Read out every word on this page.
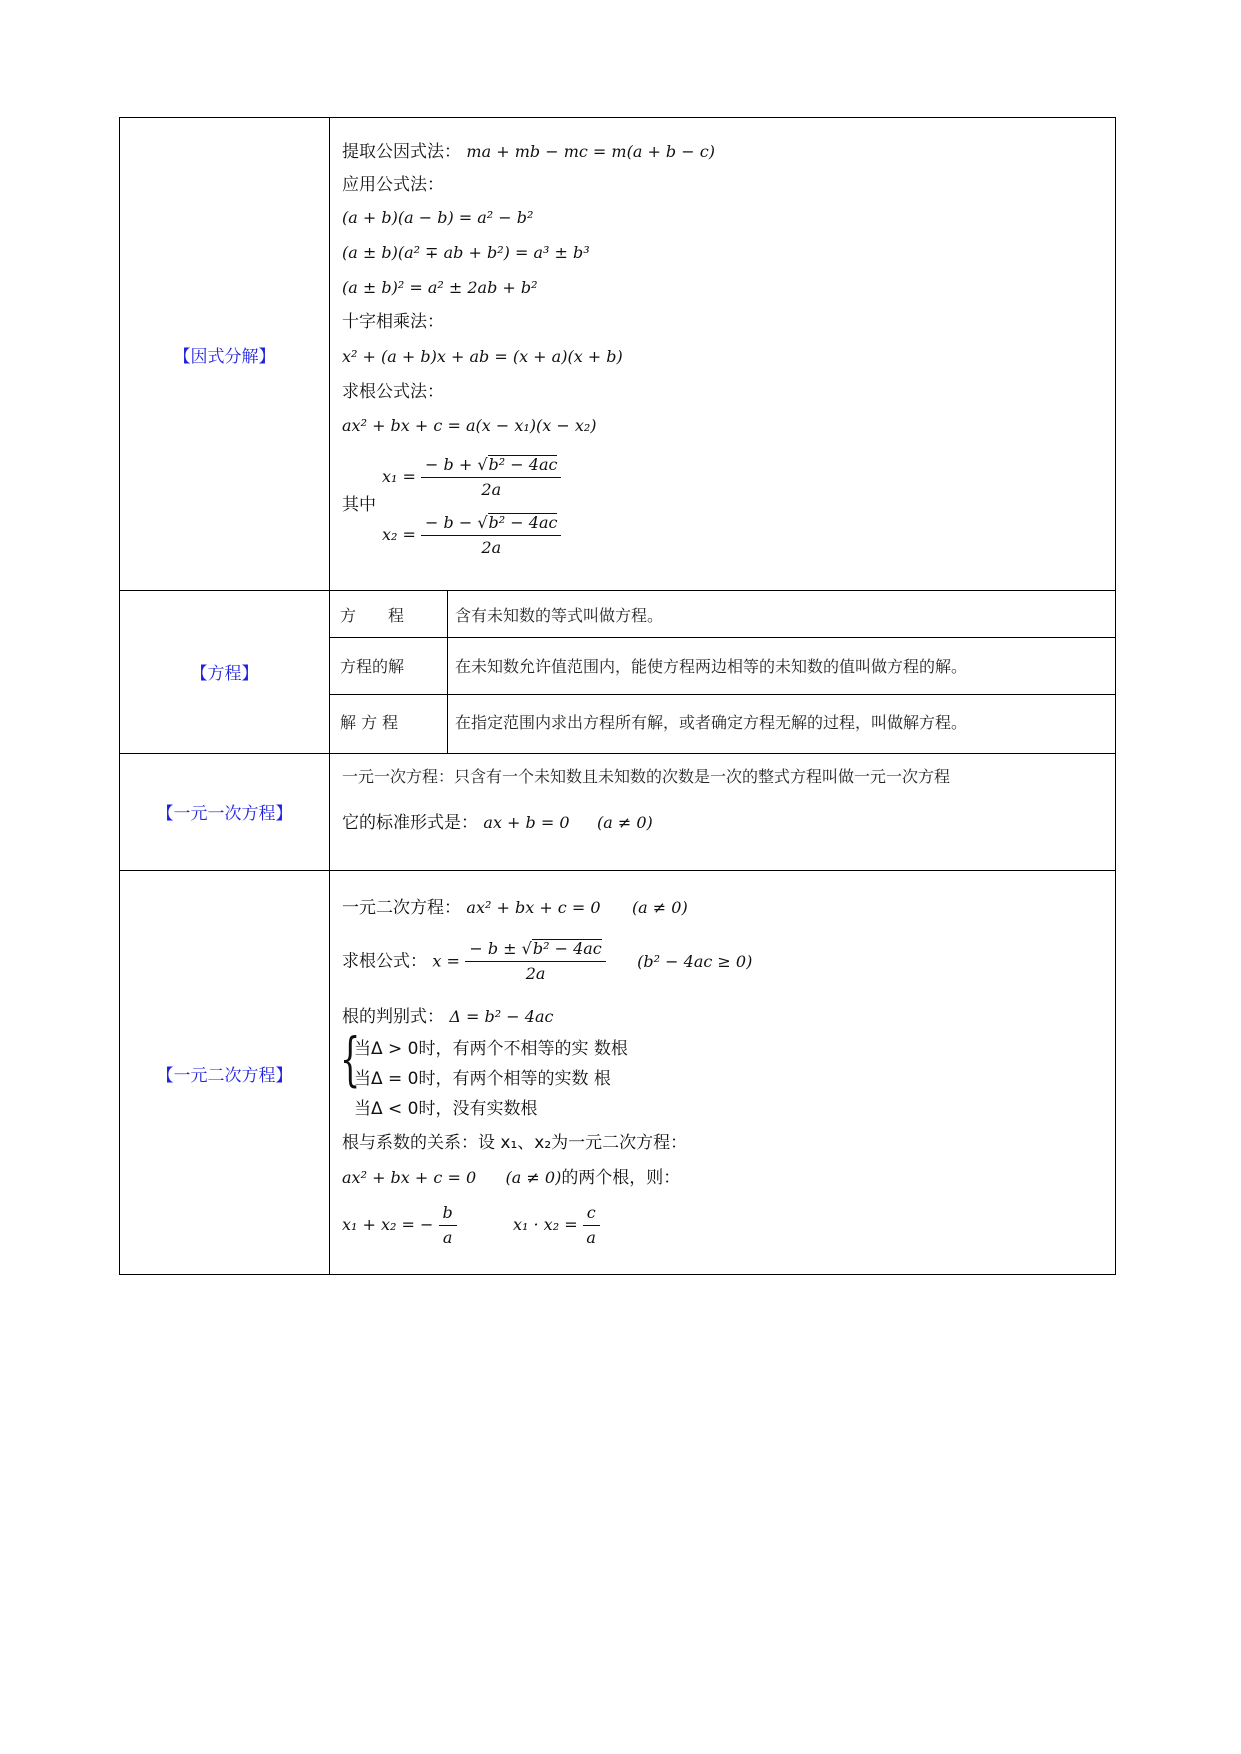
【因式分解】
提取公因式法： ma + mb − mc = m(a + b − c)
应用公式法：
(a + b)(a − b) = a² − b²
(a ± b)(a² ∓ ab + b²) = a³ ± b³
(a ± b)² = a² ± 2ab + b²
十字相乘法：
x² + (a + b)x + ab = (x + a)(x + b)
求根公式法：
ax² + bx + c = a(x − x₁)(x − x₂)
其中
$x_1 = \frac{\text{− b + √b² − 4ac}}{2a}$
$x_2 = \frac{\text{− b − √b² − 4ac}}{2a}$
【方程】
方　　程	含有未知数的等式叫做方程。
方程的解	在未知数允许值范围内，能使方程两边相等的未知数的值叫做方程的解。
解 方 程	在指定范围内求出方程所有解，或者确定方程无解的过程，叫做解方程。
【一元一次方程】
一元一次方程：只含有一个未知数且未知数的次数是一次的整式方程叫做一元一次方程
它的标准形式是： ax + b = 0 (a ≠ 0)
【一元二次方程】
一元二次方程： ax² + bx + c = 0 (a ≠ 0)
求根公式： $x = \frac{\text{− b ± √b² − 4ac}}{2a} (b^2 - 4ac \ge 0)$
根的判别式： Δ = b² − 4ac
{
当Δ > 0时，有两个不相等的实 数根
当Δ = 0时，有两个相等的实数 根
当Δ < 0时，没有实数根
根与系数的关系：设 x₁、x₂为一元二次方程：
ax² + bx + c = 0 (a ≠ 0)的两个根，则：
x₁ + x₂ = − $\frac{b}{a}$	$x_1 \cdot x_2 = \frac{c}{a}$
